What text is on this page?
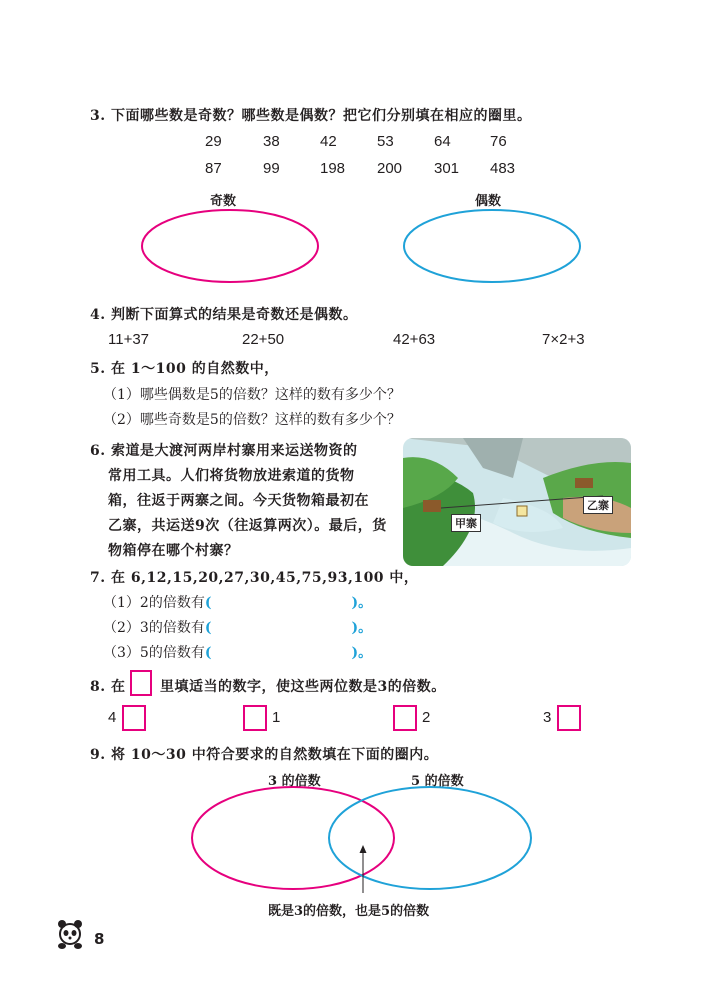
3. 下面哪些数是奇数？哪些数是偶数？把它们分别填在相应的圈里。
29	38	42	53	64	76
87	99	198 200 301 483
奇数	偶数
4. 判断下面算式的结果是奇数还是偶数。
11+37	22+50	42+63	7×2+3
5. 在 1～100 的自然数中，
（1）哪些偶数是5的倍数？这样的数有多少个？
（2）哪些奇数是5的倍数？这样的数有多少个？
6. 索道是大渡河两岸村寨用来运送物资的
常用工具。人们将货物放进索道的货物
箱，往返于两寨之间。今天货物箱最初在
乙寨，共运送9次（往返算两次）。最后，货
物箱停在哪个村寨？
甲寨
乙寨
7. 在 6,12,15,20,27,30,45,75,93,100 中，
（1）2的倍数有(	)。
（2）3的倍数有(	)。
（3）5的倍数有(	)。
8. 在 里填适当的数字，使这些两位数是3的倍数。
4	1	2	3
9. 将 10～30 中符合要求的自然数填在下面的圈内。
3 的倍数	5 的倍数
既是3的倍数，也是5的倍数
8
